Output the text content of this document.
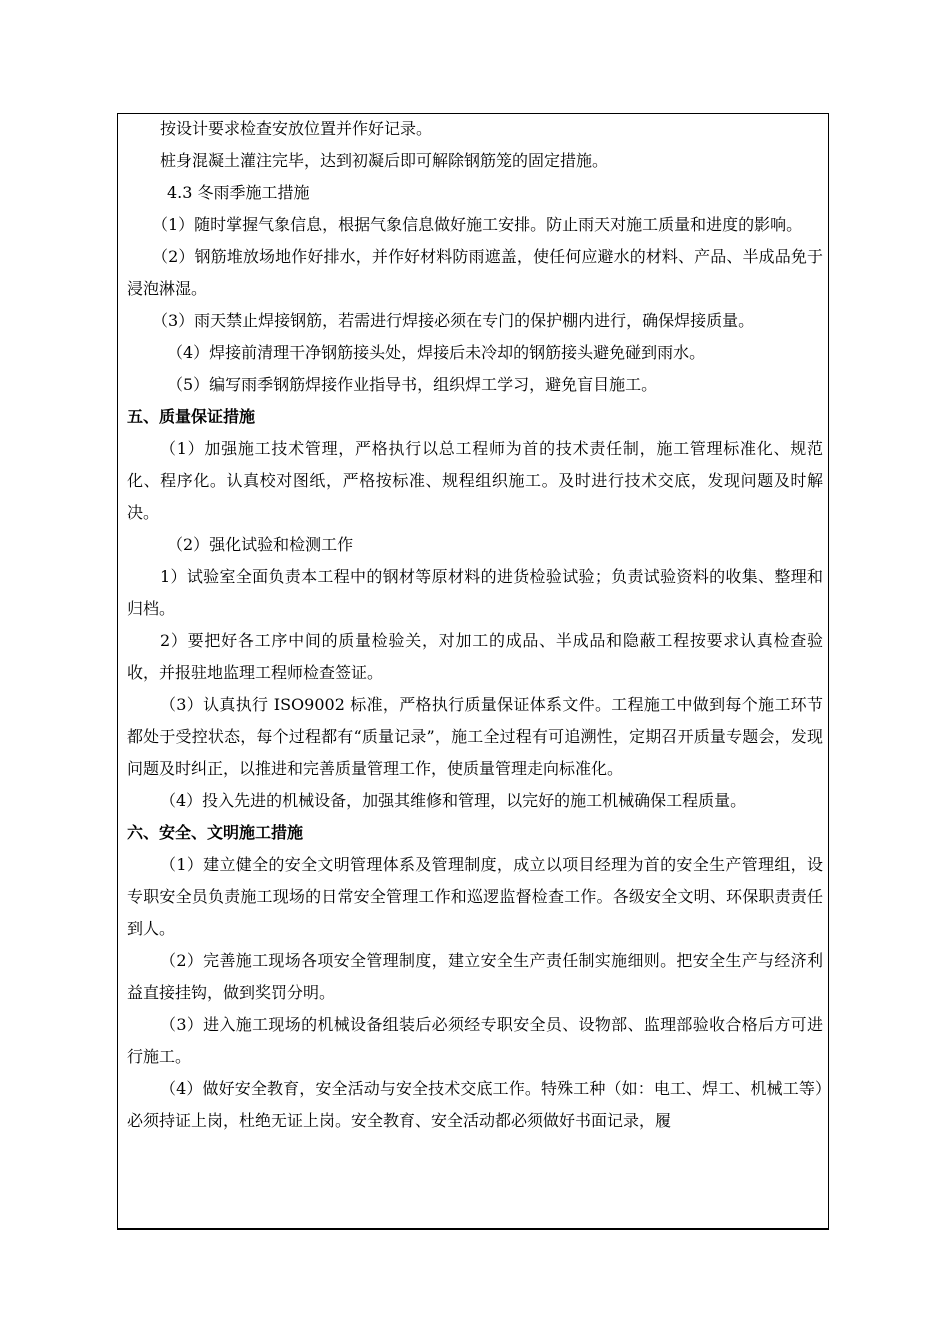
按设计要求检查安放位置并作好记录。

桩身混凝土灌注完毕，达到初凝后即可解除钢筋笼的固定措施。

4.3 冬雨季施工措施

（1）随时掌握气象信息，根据气象信息做好施工安排。防止雨天对施工质量和进度的影响。

（2）钢筋堆放场地作好排水，并作好材料防雨遮盖，使任何应避水的材料、产品、半成品免于浸泡淋湿。

（3）雨天禁止焊接钢筋，若需进行焊接必须在专门的保护棚内进行，确保焊接质量。

（4）焊接前清理干净钢筋接头处，焊接后未冷却的钢筋接头避免碰到雨水。

（5）编写雨季钢筋焊接作业指导书，组织焊工学习，避免盲目施工。

五、质量保证措施

（1）加强施工技术管理，严格执行以总工程师为首的技术责任制，施工管理标准化、规范化、程序化。认真校对图纸，严格按标准、规程组织施工。及时进行技术交底，发现问题及时解决。

（2）强化试验和检测工作

1）试验室全面负责本工程中的钢材等原材料的进货检验试验；负责试验资料的收集、整理和归档。

2）要把好各工序中间的质量检验关，对加工的成品、半成品和隐蔽工程按要求认真检查验收，并报驻地监理工程师检查签证。

（3）认真执行 ISO9002 标准，严格执行质量保证体系文件。工程施工中做到每个施工环节都处于受控状态，每个过程都有“质量记录”，施工全过程有可追溯性，定期召开质量专题会，发现问题及时纠正，以推进和完善质量管理工作，使质量管理走向标准化。

（4）投入先进的机械设备，加强其维修和管理，以完好的施工机械确保工程质量。

六、安全、文明施工措施

（1）建立健全的安全文明管理体系及管理制度，成立以项目经理为首的安全生产管理组，设专职安全员负责施工现场的日常安全管理工作和巡逻监督检查工作。各级安全文明、环保职责责任到人。

（2）完善施工现场各项安全管理制度，建立安全生产责任制实施细则。把安全生产与经济利益直接挂钩，做到奖罚分明。

（3）进入施工现场的机械设备组装后必须经专职安全员、设物部、监理部验收合格后方可进行施工。

（4）做好安全教育，安全活动与安全技术交底工作。特殊工种（如：电工、焊工、机械工等）必须持证上岗，杜绝无证上岗。安全教育、安全活动都必须做好书面记录，履
